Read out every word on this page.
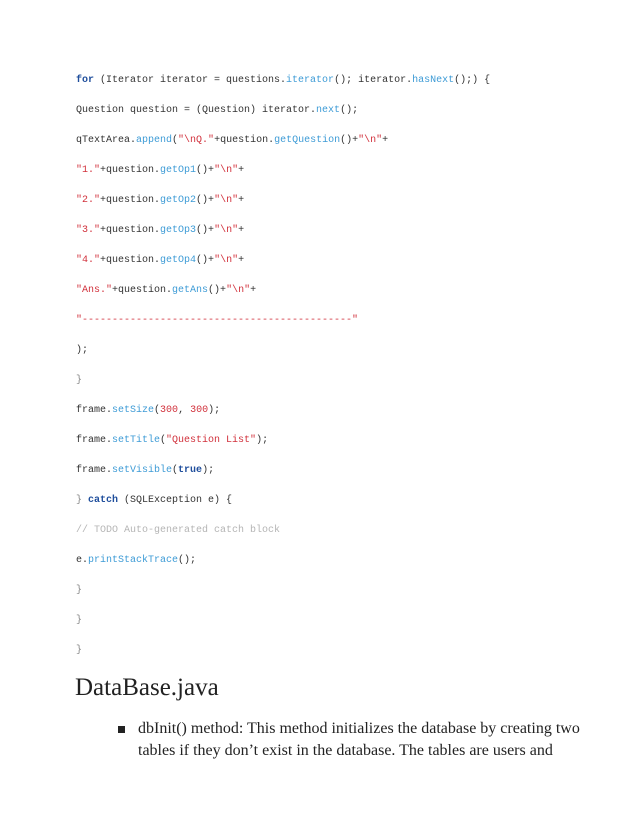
for (Iterator iterator = questions.iterator(); iterator.hasNext();) {
Question question = (Question) iterator.next();
qTextArea.append("\nQ."+question.getQuestion()+"\n"+
"1."+question.getOp1()+"\n"+
"2."+question.getOp2()+"\n"+
"3."+question.getOp3()+"\n"+
"4."+question.getOp4()+"\n"+
"Ans."+question.getAns()+"\n"+
"---------------------------------------------"
);
}
frame.setSize(300, 300);
frame.setTitle("Question List");
frame.setVisible(true);
} catch (SQLException e) {
// TODO Auto-generated catch block
e.printStackTrace();
}
}
}
DataBase.java
dbInit() method: This method initializes the database by creating two tables if they don’t exist in the database. The tables are users and
